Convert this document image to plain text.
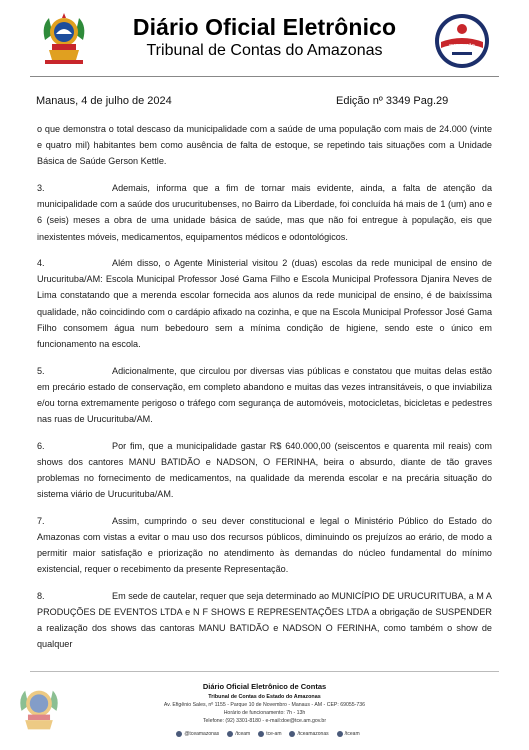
Diário Oficial Eletrônico
Tribunal de Contas do Amazonas	INSTITUIÇÃO
Manaus, 4 de julho de 2024	Edição nº 3349 Pag.29

o que demonstra o total descaso da municipalidade com a saúde de uma população com mais de 24.000 (vinte e quatro mil) habitantes bem como ausência de falta de estoque, se repetindo tais situações com a Unidade Básica de Saúde Gerson Kettle.

3.	Ademais, informa que a fim de tornar mais evidente, ainda, a falta de atenção da municipalidade com a saúde dos urucuritubenses, no Bairro da Liberdade, foi concluída há mais de 1 (um) ano e 6 (seis) meses a obra de uma unidade básica de saúde, mas que não foi entregue à população, eis que inexistentes móveis, medicamentos, equipamentos médicos e odontológicos.

4.	Além disso, o Agente Ministerial visitou 2 (duas) escolas da rede municipal de ensino de Urucurituba/AM: Escola Municipal Professor José Gama Filho e Escola Municipal Professora Djanira Neves de Lima constatando que a merenda escolar fornecida aos alunos da rede municipal de ensino, é de baixíssima qualidade, não coincidindo com o cardápio afixado na cozinha, e que na Escola Municipal Professor José Gama Filho consomem água num bebedouro sem a mínima condição de higiene, sendo este o único em funcionamento na escola.

5.	Adicionalmente, que circulou por diversas vias públicas e constatou que muitas delas estão em precário estado de conservação, em completo abandono e muitas das vezes intransitáveis, o que inviabiliza e/ou torna extremamente perigoso o tráfego com segurança de automóveis, motocicletas, bicicletas e pedestres nas ruas de Urucurituba/AM.

6.	Por fim, que a municipalidade gastar R$ 640.000,00 (seiscentos e quarenta mil reais) com shows dos cantores MANU BATIDÃO e NADSON, O FERINHA, beira o absurdo, diante de tão graves problemas no fornecimento de medicamentos, na qualidade da merenda escolar e na precária situação do sistema viário de Urucurituba/AM.

7.	Assim, cumprindo o seu dever constitucional e legal o Ministério Público do Estado do Amazonas com vistas a evitar o mau uso dos recursos públicos, diminuindo os prejuízos ao erário, de modo a permitir maior satisfação e priorização no atendimento às demandas do núcleo fundamental do mínimo existencial, requer o recebimento da presente Representação.

8.	Em sede de cautelar, requer que seja determinado ao MUNICÍPIO DE URUCURITUBA, a M A PRODUÇÕES DE EVENTOS LTDA e N F SHOWS E REPRESENTAÇÕES LTDA a obrigação de SUSPENDER a realização dos shows das cantoras MANU BATIDÃO e NADSON O FERINHA, como também o show de qualquer

Diário Oficial Eletrônico de Contas
Tribunal de Contas do Estado do Amazonas
Av. Efigênio Sales, nº 1155 - Parque 10 de Novembro - Manaus - AM - CEP: 69055-736
Horário de funcionamento: 7h - 13h
Telefone: (92) 3301-8180 - e-mail:doe@tce.am.gov.br
@tceamazonas	/tceam	tce-am	/tceamazonas	/tceam
